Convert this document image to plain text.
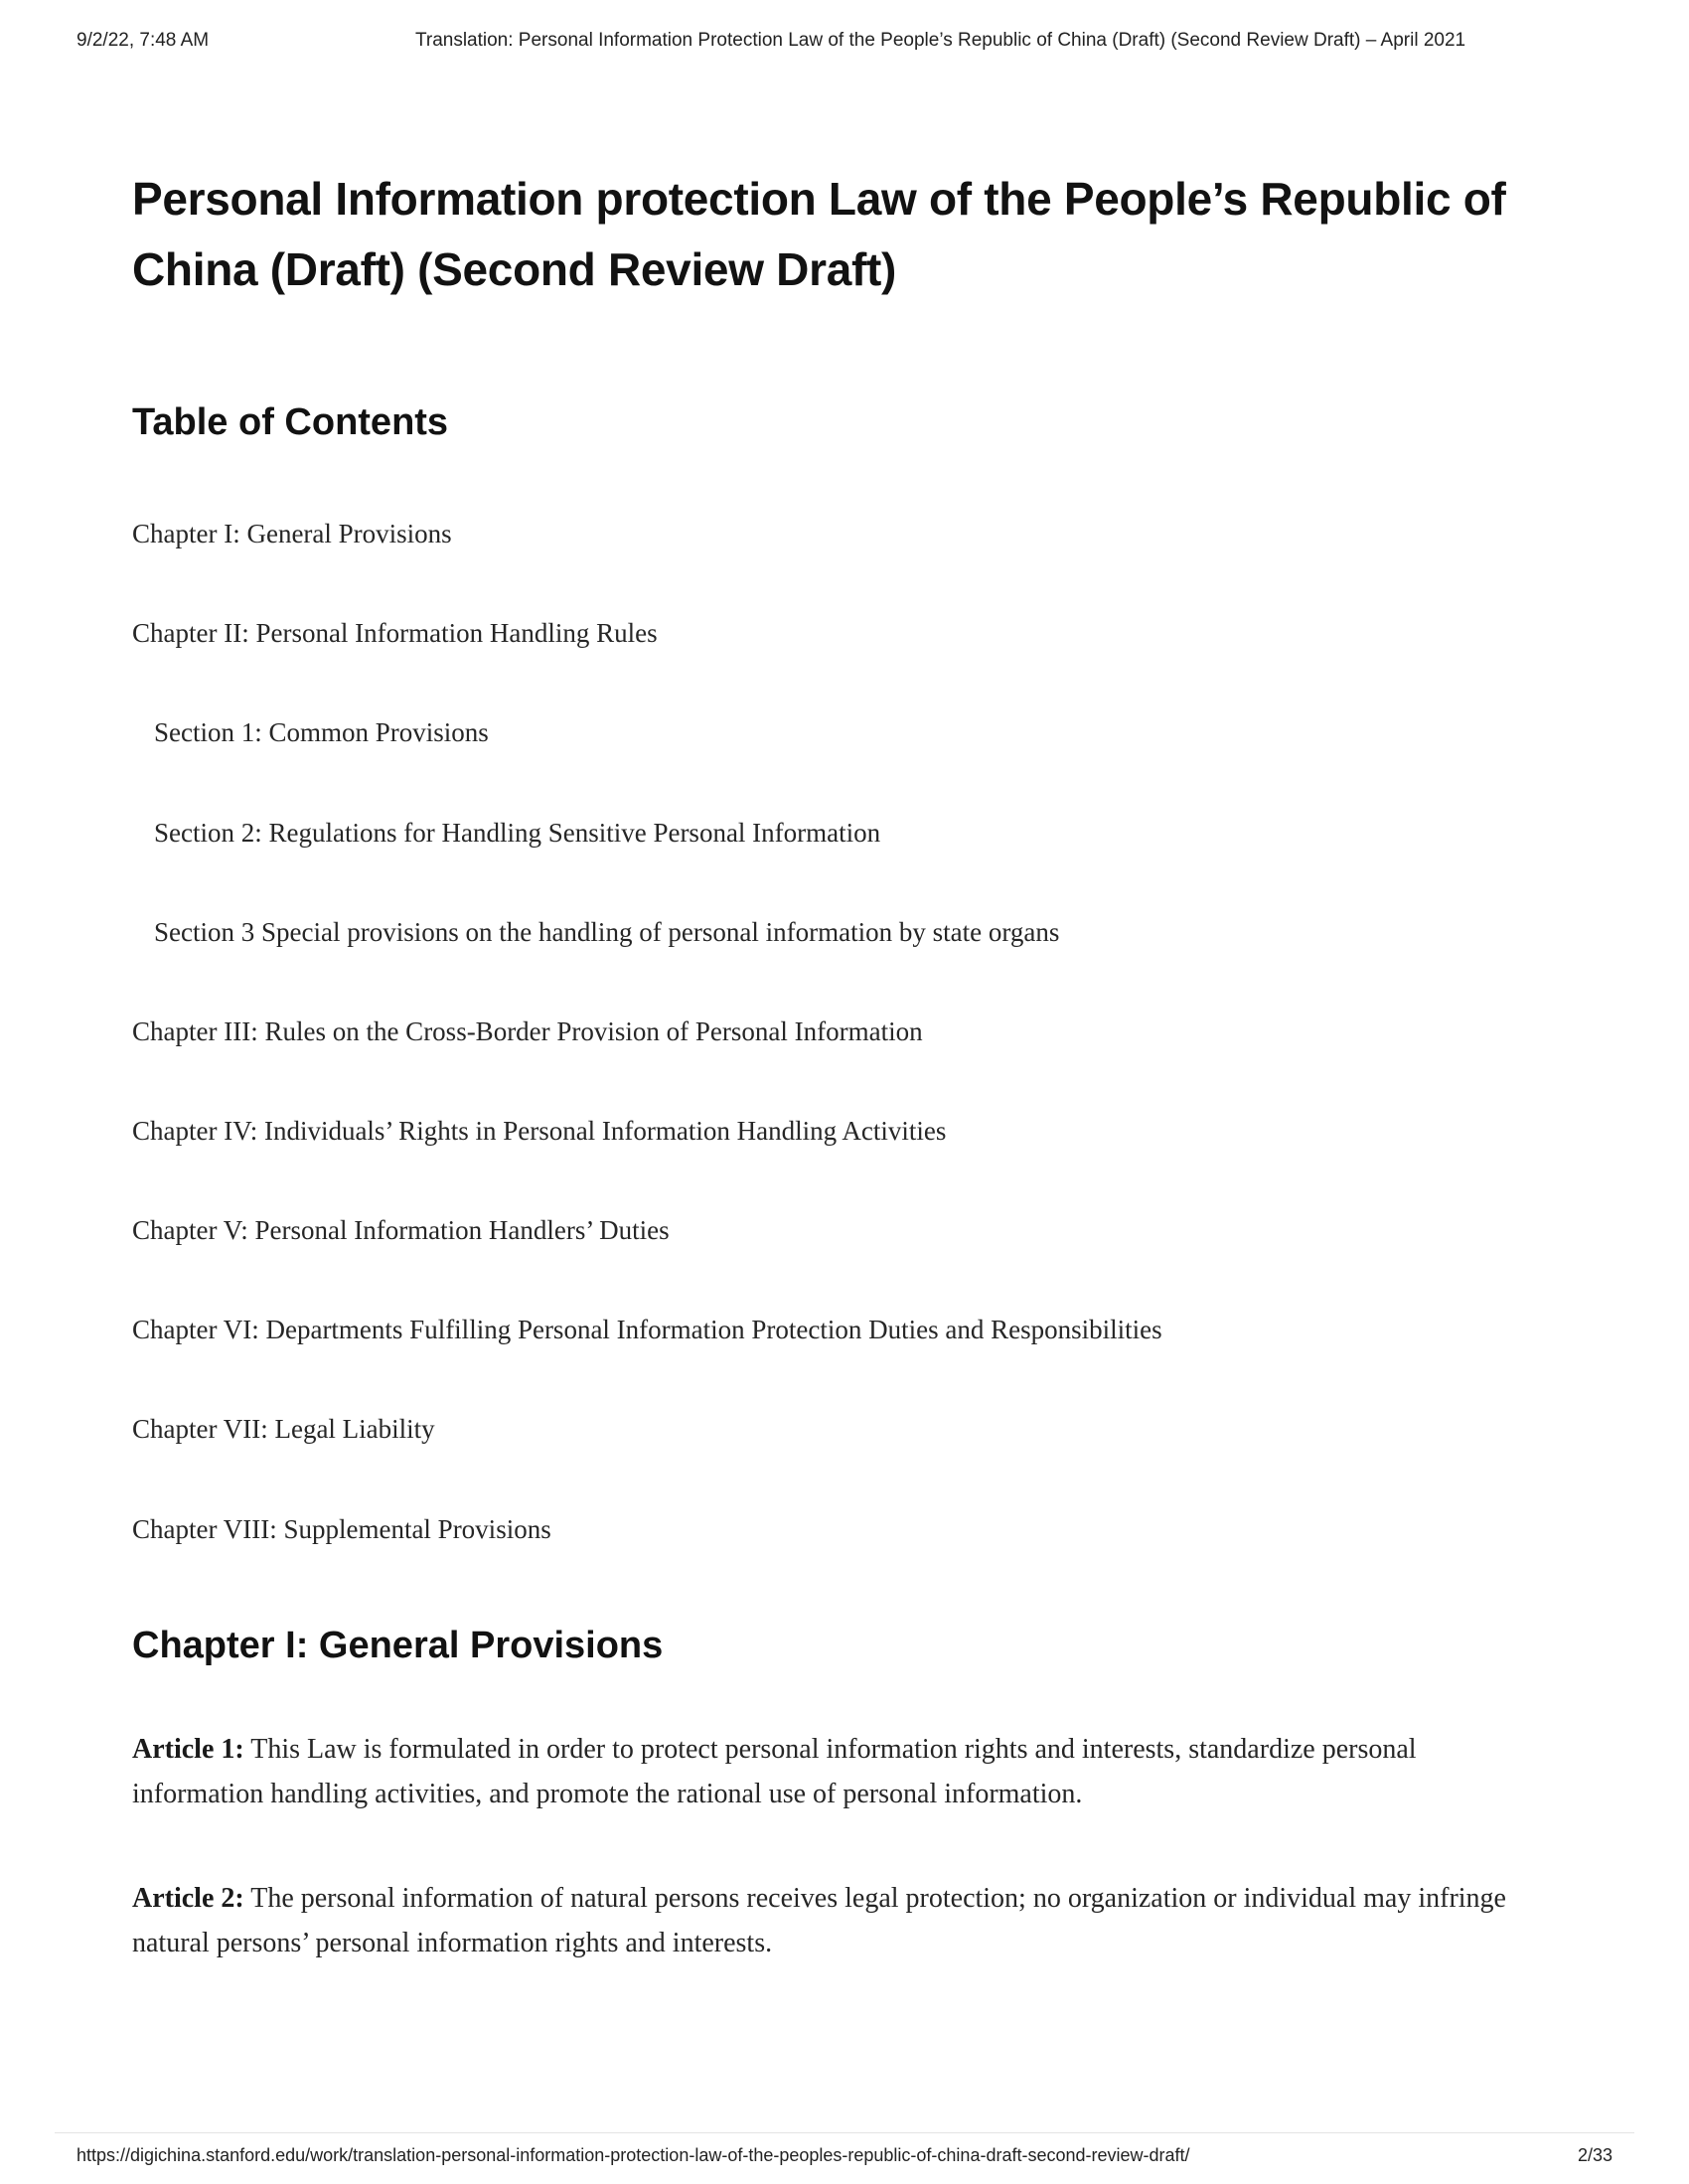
9/2/22, 7:48 AM	Translation: Personal Information Protection Law of the People’s Republic of China (Draft) (Second Review Draft) – April 2021
Personal Information protection Law of the People’s Republic of China (Draft) (Second Review Draft)
Table of Contents

Chapter I: General Provisions

Chapter II: Personal Information Handling Rules

Section 1: Common Provisions

Section 2: Regulations for Handling Sensitive Personal Information

Section 3 Special provisions on the handling of personal information by state organs

Chapter III: Rules on the Cross-Border Provision of Personal Information

Chapter IV: Individuals’ Rights in Personal Information Handling Activities

Chapter V: Personal Information Handlers’ Duties

Chapter VI: Departments Fulfilling Personal Information Protection Duties and Responsibilities

Chapter VII: Legal Liability

Chapter VIII: Supplemental Provisions

Chapter I: General Provisions

Article 1: This Law is formulated in order to protect personal information rights and interests, standardize personal information handling activities, and promote the rational use of personal information.

Article 2: The personal information of natural persons receives legal protection; no organization or individual may infringe natural persons’ personal information rights and interests.

https://digichina.stanford.edu/work/translation-personal-information-protection-law-of-the-peoples-republic-of-china-draft-second-review-draft/	2/33
